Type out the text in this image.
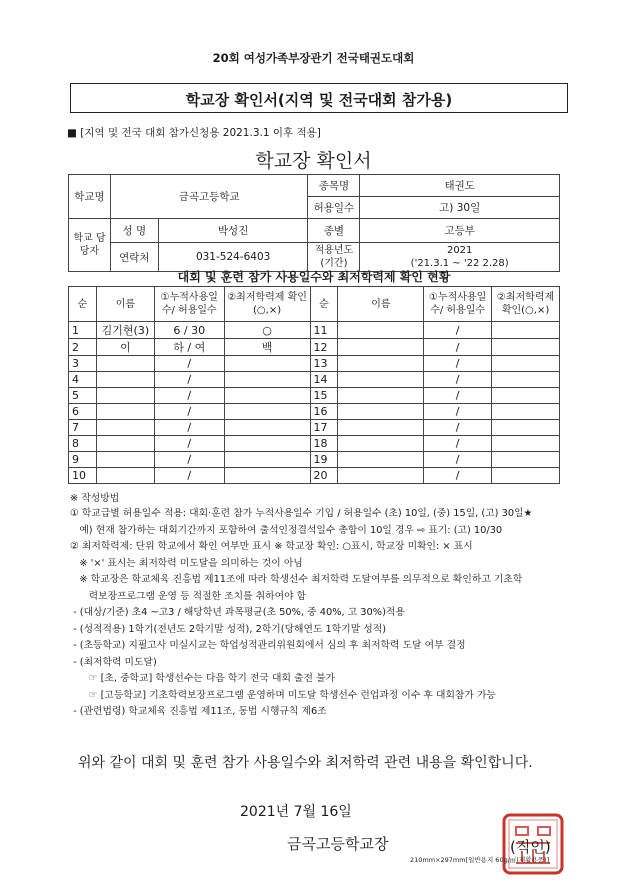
20회 여성가족부장관기 전국태권도대회
학교장 확인서(지역 및 전국대회 참가용)
■ [지역 및 전국 대회 참가신청용 2021.3.1 이후 적용]
학교장 확인서
학교명	금곡고등학교		종목명	태권도
			허용일수	고) 30일
학교 담당자	성 명	박성진	종별	고등부
	연락처	031-524-6403	적용년도 (기간)	2021
('21.3.1 ~ '22 2.28)
대회 및 훈련 참가 사용일수와 최저학력제 확인 현황
순	이름	①누적사용일수/ 허용일수	②최저학력제 확인(○,×)	순	이름	①누적사용일수/ 허용일수	②최저학력제 확인(○,×)
1	김기현(3)	6 / 30	○	11		/	
2	이	하 / 여	백	12		/	
3		/		13		/	
4		/		14		/	
5		/		15		/	
6		/		16		/	
7		/		17		/	
8		/		18		/	
9		/		19		/	
10		/		20		/	
※ 작성방법
① 학교급별 허용일수 적용: 대회·훈련 참가 누적사용일수 기입 / 허용일수 (초) 10일, (중) 15일, (고) 30일★
예) 현재 참가하는 대회기간까지 포함하여 출석인정결석일수 총합이 10일 경우 ⇨ 표기: (고) 10/30
② 최저학력제: 단위 학교에서 확인 여부만 표시 ※ 학교장 확인: ○표시, 학교장 미확인: × 표시
※ '×' 표시는 최저학력 미도달을 의미하는 것이 아님
※ 학교장은 학교체육 진흥법 제11조에 따라 학생선수 최저학력 도달여부를 의무적으로 확인하고 기초학
력보장프로그램 운영 등 적절한 조치를 취하여야 함
- (대상/기준) 초4 ~고3 / 해당학년 과목평균(초 50%, 중 40%, 고 30%)적용
- (성적적용) 1학기(전년도 2학기말 성적), 2학기(당해연도 1학기말 성적)
- (초등학교) 지필고사 미실시교는 학업성적관리위원회에서 심의 후 최저학력 도달 여부 결정
- (최저학력 미도달)
☞ [초, 중학교] 학생선수는 다음 학기 전국 대회 출전 불가
☞ [고등학교] 기초학력보장프로그램 운영하며 미도달 학생선수 런업과정 이수 후 대회참가 가능
- (관련법령) 학교체육 진흥법 제11조, 동법 시행규칙 제6조
위와 같이 대회 및 훈련 참가 사용일수와 최저학력 관련 내용을 확인합니다.
2021년 7월 16일
금곡고등학교장	(직인)
210mm×297mm[일반용지 60g/㎡(재활용품)]
